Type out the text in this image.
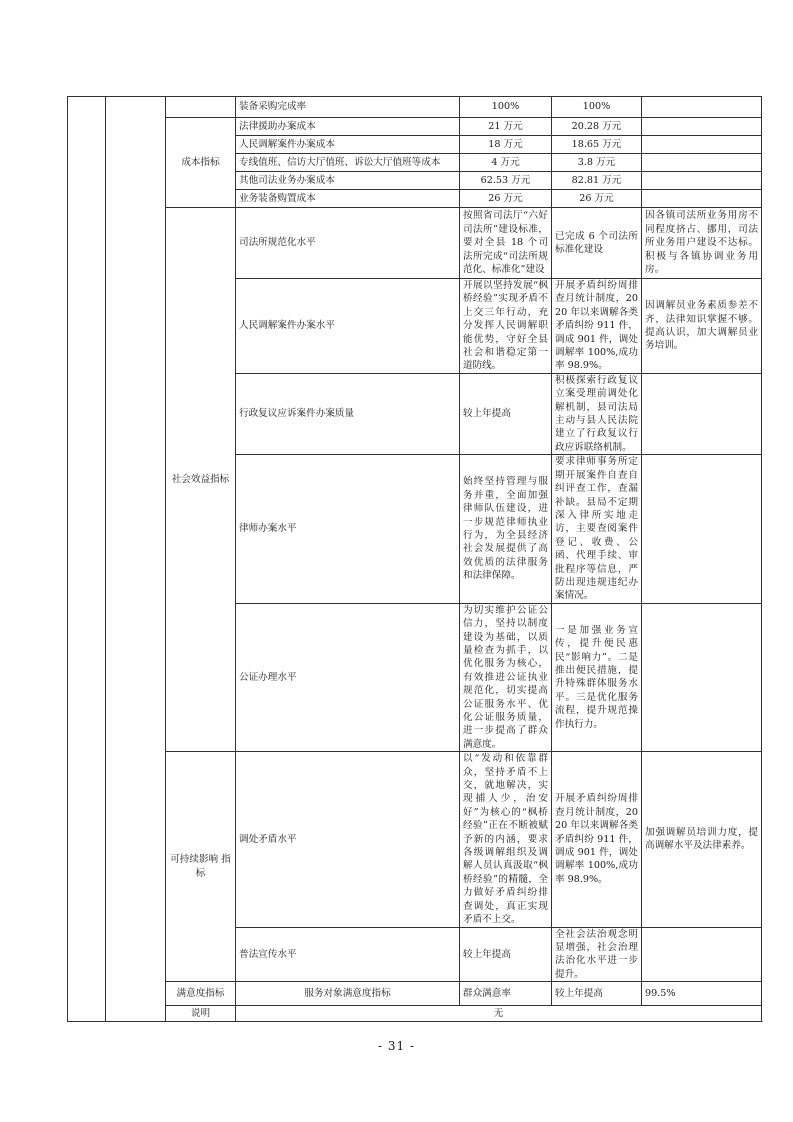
			装备采购完成率	100%	100%		
		成本指标	法律援助办案成本	21 万元	20.28 万元		
			人民调解案件办案成本	18 万元	18.65 万元		
			专线值班、信访大厅值班、诉讼大厅值班等成本	4 万元	3.8 万元		
			其他司法业务办案成本	62.53 万元	82.81 万元		
			业务装备购置成本	26 万元	26 万元		
		社会效益指标	司法所规范化水平	按照省司法厅“六好司法所”建设标准，要对全县 18 个司法所完成“司法所规范化、标准化”建设	已完成 6 个司法所标准化建设	因各镇司法所业务用房不同程度挤占、挪用，司法所业务用户建设不达标。积极与各镇协调业务用房。	
			人民调解案件办案水平	开展以坚持发展“枫桥经验”实现矛盾不上交三年行动，充分发挥人民调解职能优势，守好全县社会和谐稳定第一道防线。	开展矛盾纠纷周排查月统计制度，2020 年以来调解各类矛盾纠纷 911 件，调成 901 件，调处调解率 100%,成功率 98.9%。	因调解员业务素质参差不齐，法律知识掌握不够。提高认识，加大调解员业务培训。	
			行政复议应诉案件办案质量	较上年提高	积极探索行政复议立案受理前调处化解机制，县司法局主动与县人民法院建立了行政复议行政应诉联络机制。		
			律师办案水平	始终坚持管理与服务并重，全面加强律师队伍建设，进一步规范律师执业行为，为全县经济社会发展提供了高效优质的法律服务和法律保障。	要求律师事务所定期开展案件自查自纠评查工作，查漏补缺。县局不定期深入律所实地走访，主要查阅案件登记、收费、公函、代理手续、审批程序等信息，严防出现违规违纪办案情况。		
			公证办理水平	为切实维护公证公信力，坚持以制度建设为基础，以质量检查为抓手，以优化服务为核心，有效推进公证执业规范化，切实提高公证服务水平、优化公证服务质量，进一步提高了群众满意度。	一是加强业务宣传，提升便民惠民“影响力”。二是推出便民措施，提升特殊群体服务水平。三是优化服务流程，提升规范操作执行力。		
		可持续影响 指标	调处矛盾水平	以“发动和依靠群众，坚持矛盾不上交，就地解决，实现捕人少，治安好”为核心的“枫桥经验”正在不断被赋予新的内涵，要求各级调解组织及调解人员认真汲取“枫桥经验”的精髓，全力做好矛盾纠纷排查调处，真正实现矛盾不上交。	开展矛盾纠纷周排查月统计制度，2020 年以来调解各类矛盾纠纷 911 件，调成 901 件，调处调解率 100%,成功率 98.9%。	加强调解员培训力度，提高调解水平及法律素养。	
			普法宣传水平	较上年提高	全社会法治观念明显增强，社会治理法治化水平进一步提升。		
		满意度指标	服务对象满意度指标	群众满意率	较上年提高	99.5%	
		说明	无				
- 31 -
